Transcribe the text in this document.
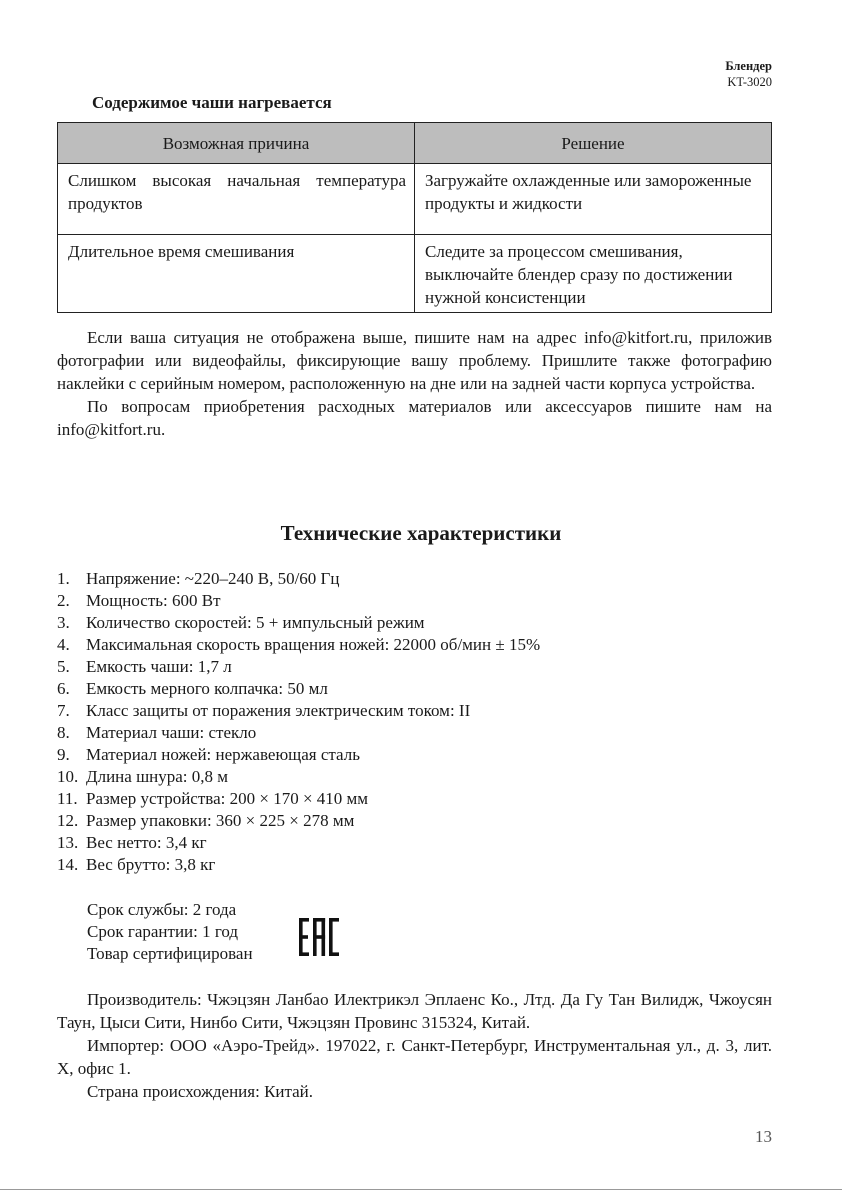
Блендер
KT-3020
Содержимое чаши нагревается
Возможная причина	Решение
Слишком высокая начальная температура продуктов	Загружайте охлажденные или замороженные продукты и жидкости
Длительное время смешивания	Следите за процессом смешивания, выключайте блендер сразу по достижении нужной консистенции

Если ваша ситуация не отображена выше, пишите нам на адрес info@kitfort.ru, приложив фотографии или видеофайлы, фиксирующие вашу проблему. Пришлите также фотографию наклейки с серийным номером, расположенную на дне или на задней части корпуса устройства.

По вопросам приобретения расходных материалов или аксессуаров пишите нам на info@kitfort.ru.

Технические характеристики
1. Напряжение: ~220–240 В, 50/60 Гц
2. Мощность: 600 Вт
3. Количество скоростей: 5 + импульсный режим
4. Максимальная скорость вращения ножей: 22000 об/мин ± 15%
5. Емкость чаши: 1,7 л
6. Емкость мерного колпачка: 50 мл
7. Класс защиты от поражения электрическим током: II
8. Материал чаши: стекло
9. Материал ножей: нержавеющая сталь
10. Длина шнура: 0,8 м
11. Размер устройства: 200 × 170 × 410 мм
12. Размер упаковки: 360 × 225 × 278 мм
13. Вес нетто: 3,4 кг
14. Вес брутто: 3,8 кг
Срок службы: 2 года
Срок гарантии: 1 год
Товар сертифицирован

Производитель: Чжэцзян Ланбао Илектрикэл Эплаенс Ко., Лтд. Да Гу Тан Вилидж, Чжоусян Таун, Цыси Сити, Нинбо Сити, Чжэцзян Провинс 315324, Китай.

Импортер: ООО «Аэро-Трейд». 197022, г. Санкт-Петербург, Инструментальная ул., д. 3, лит. Х, офис 1.

Страна происхождения: Китай.

13
